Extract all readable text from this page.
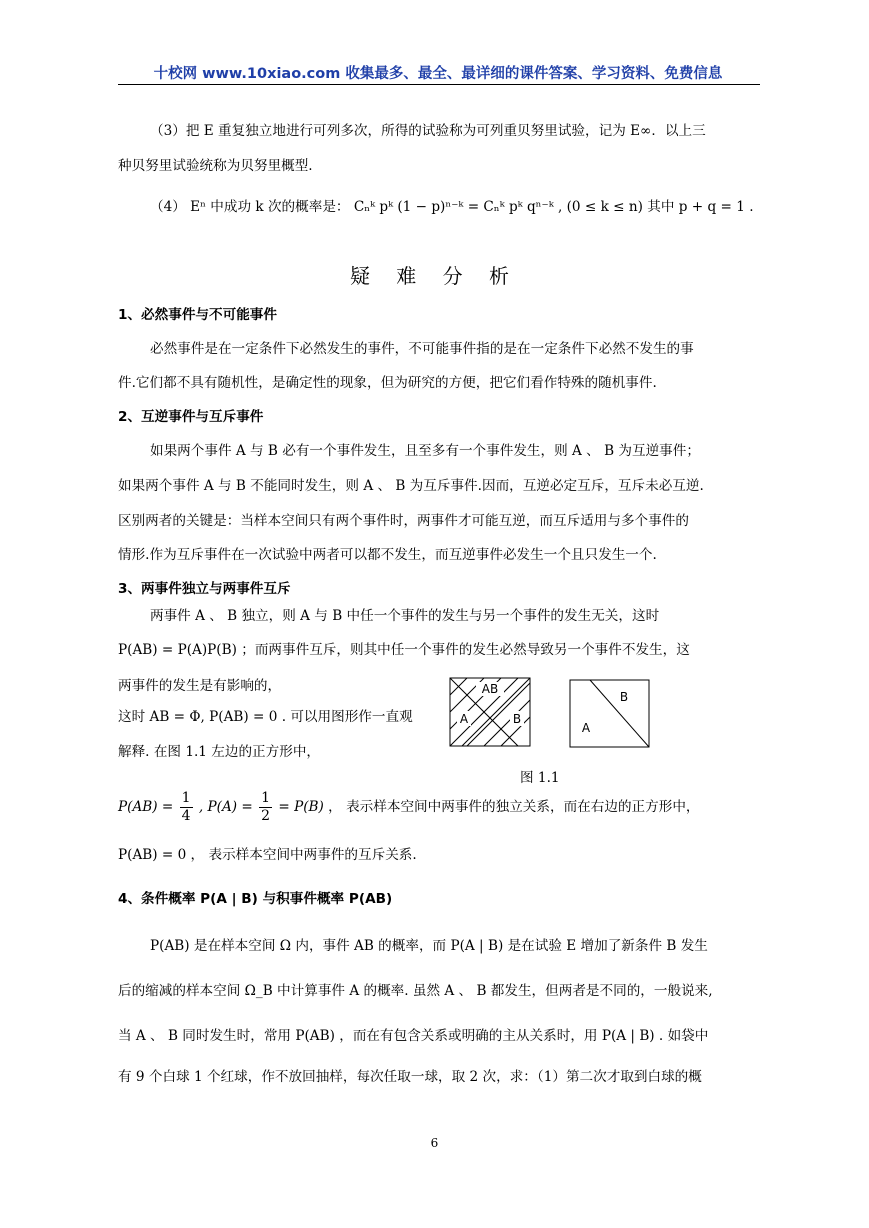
十校网 www.10xiao.com 收集最多、最全、最详细的课件答案、学习资料、免费信息
（3）把 E 重复独立地进行可列多次，所得的试验称为可列重贝努里试验，记为 E∞．以上三
种贝努里试验统称为贝努里概型.
（4） Eⁿ 中成功 k 次的概率是： Cₙᵏ pᵏ (1 − p)ⁿ⁻ᵏ = Cₙᵏ pᵏ qⁿ⁻ᵏ , (0 ≤ k ≤ n) 其中 p + q = 1 .
疑 难 分 析
1、必然事件与不可能事件
必然事件是在一定条件下必然发生的事件，不可能事件指的是在一定条件下必然不发生的事
件.它们都不具有随机性，是确定性的现象，但为研究的方便，把它们看作特殊的随机事件.
2、互逆事件与互斥事件
如果两个事件 A 与 B 必有一个事件发生，且至多有一个事件发生，则 A 、 B 为互逆事件；
如果两个事件 A 与 B 不能同时发生，则 A 、 B 为互斥事件.因而，互逆必定互斥，互斥未必互逆.
区别两者的关键是：当样本空间只有两个事件时，两事件才可能互逆，而互斥适用与多个事件的
情形.作为互斥事件在一次试验中两者可以都不发生，而互逆事件必发生一个且只发生一个.
3、两事件独立与两事件互斥
两事件 A 、 B 独立，则 A 与 B 中任一个事件的发生与另一个事件的发生无关，这时
P(AB) = P(A)P(B) ；而两事件互斥，则其中任一个事件的发生必然导致另一个事件不发生，这
两事件的发生是有影响的，
这时 AB = Φ, P(AB) = 0 . 可以用图形作一直观
解释. 在图 1.1 左边的正方形中，
AB
A	B
B
A
图 1.1
$P(AB) = \frac{1}{4}$ , $P(A) = \frac{1}{2} = P(B)$ ， 表示样本空间中两事件的独立关系，而在右边的正方形中，
P(AB) = 0 ， 表示样本空间中两事件的互斥关系.
4、条件概率 P(A | B) 与积事件概率 P(AB)
P(AB) 是在样本空间 Ω 内，事件 AB 的概率，而 P(A | B) 是在试验 E 增加了新条件 B 发生
后的缩减的样本空间 Ω_B 中计算事件 A 的概率. 虽然 A 、 B 都发生，但两者是不同的，一般说来,
当 A 、 B 同时发生时，常用 P(AB) ，而在有包含关系或明确的主从关系时，用 P(A | B) . 如袋中
有 9 个白球 1 个红球，作不放回抽样，每次任取一球，取 2 次，求：（1）第二次才取到白球的概
6
